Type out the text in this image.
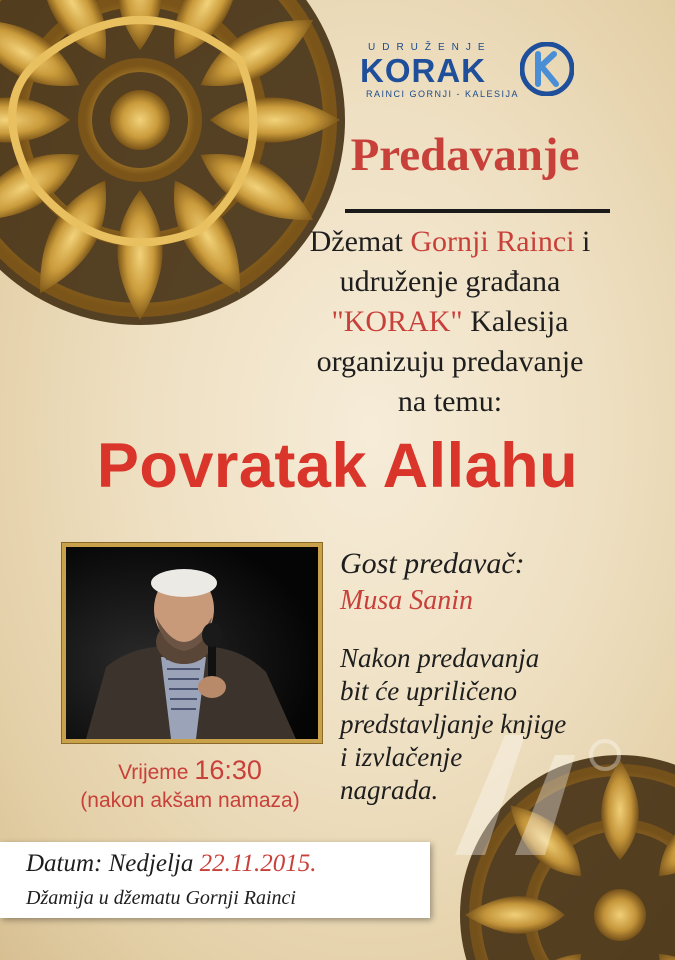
UDRUŽENJE
KORAK
RAINCI GORNJI - KALESIJA
Predavanje
Džemat Gornji Rainci i
udruženje građana
"KORAK" Kalesija
organizuju predavanje
na temu:
Povratak Allahu
Vrijeme 16:30
(nakon akšam namaza)
Gost predavač:
Musa Sanin
Nakon predavanja
bit će upriličeno
predstavljanje knjige
i izvlačenje
nagrada.
Datum: Nedjelja 22.11.2015.
Džamija u džematu Gornji Rainci
